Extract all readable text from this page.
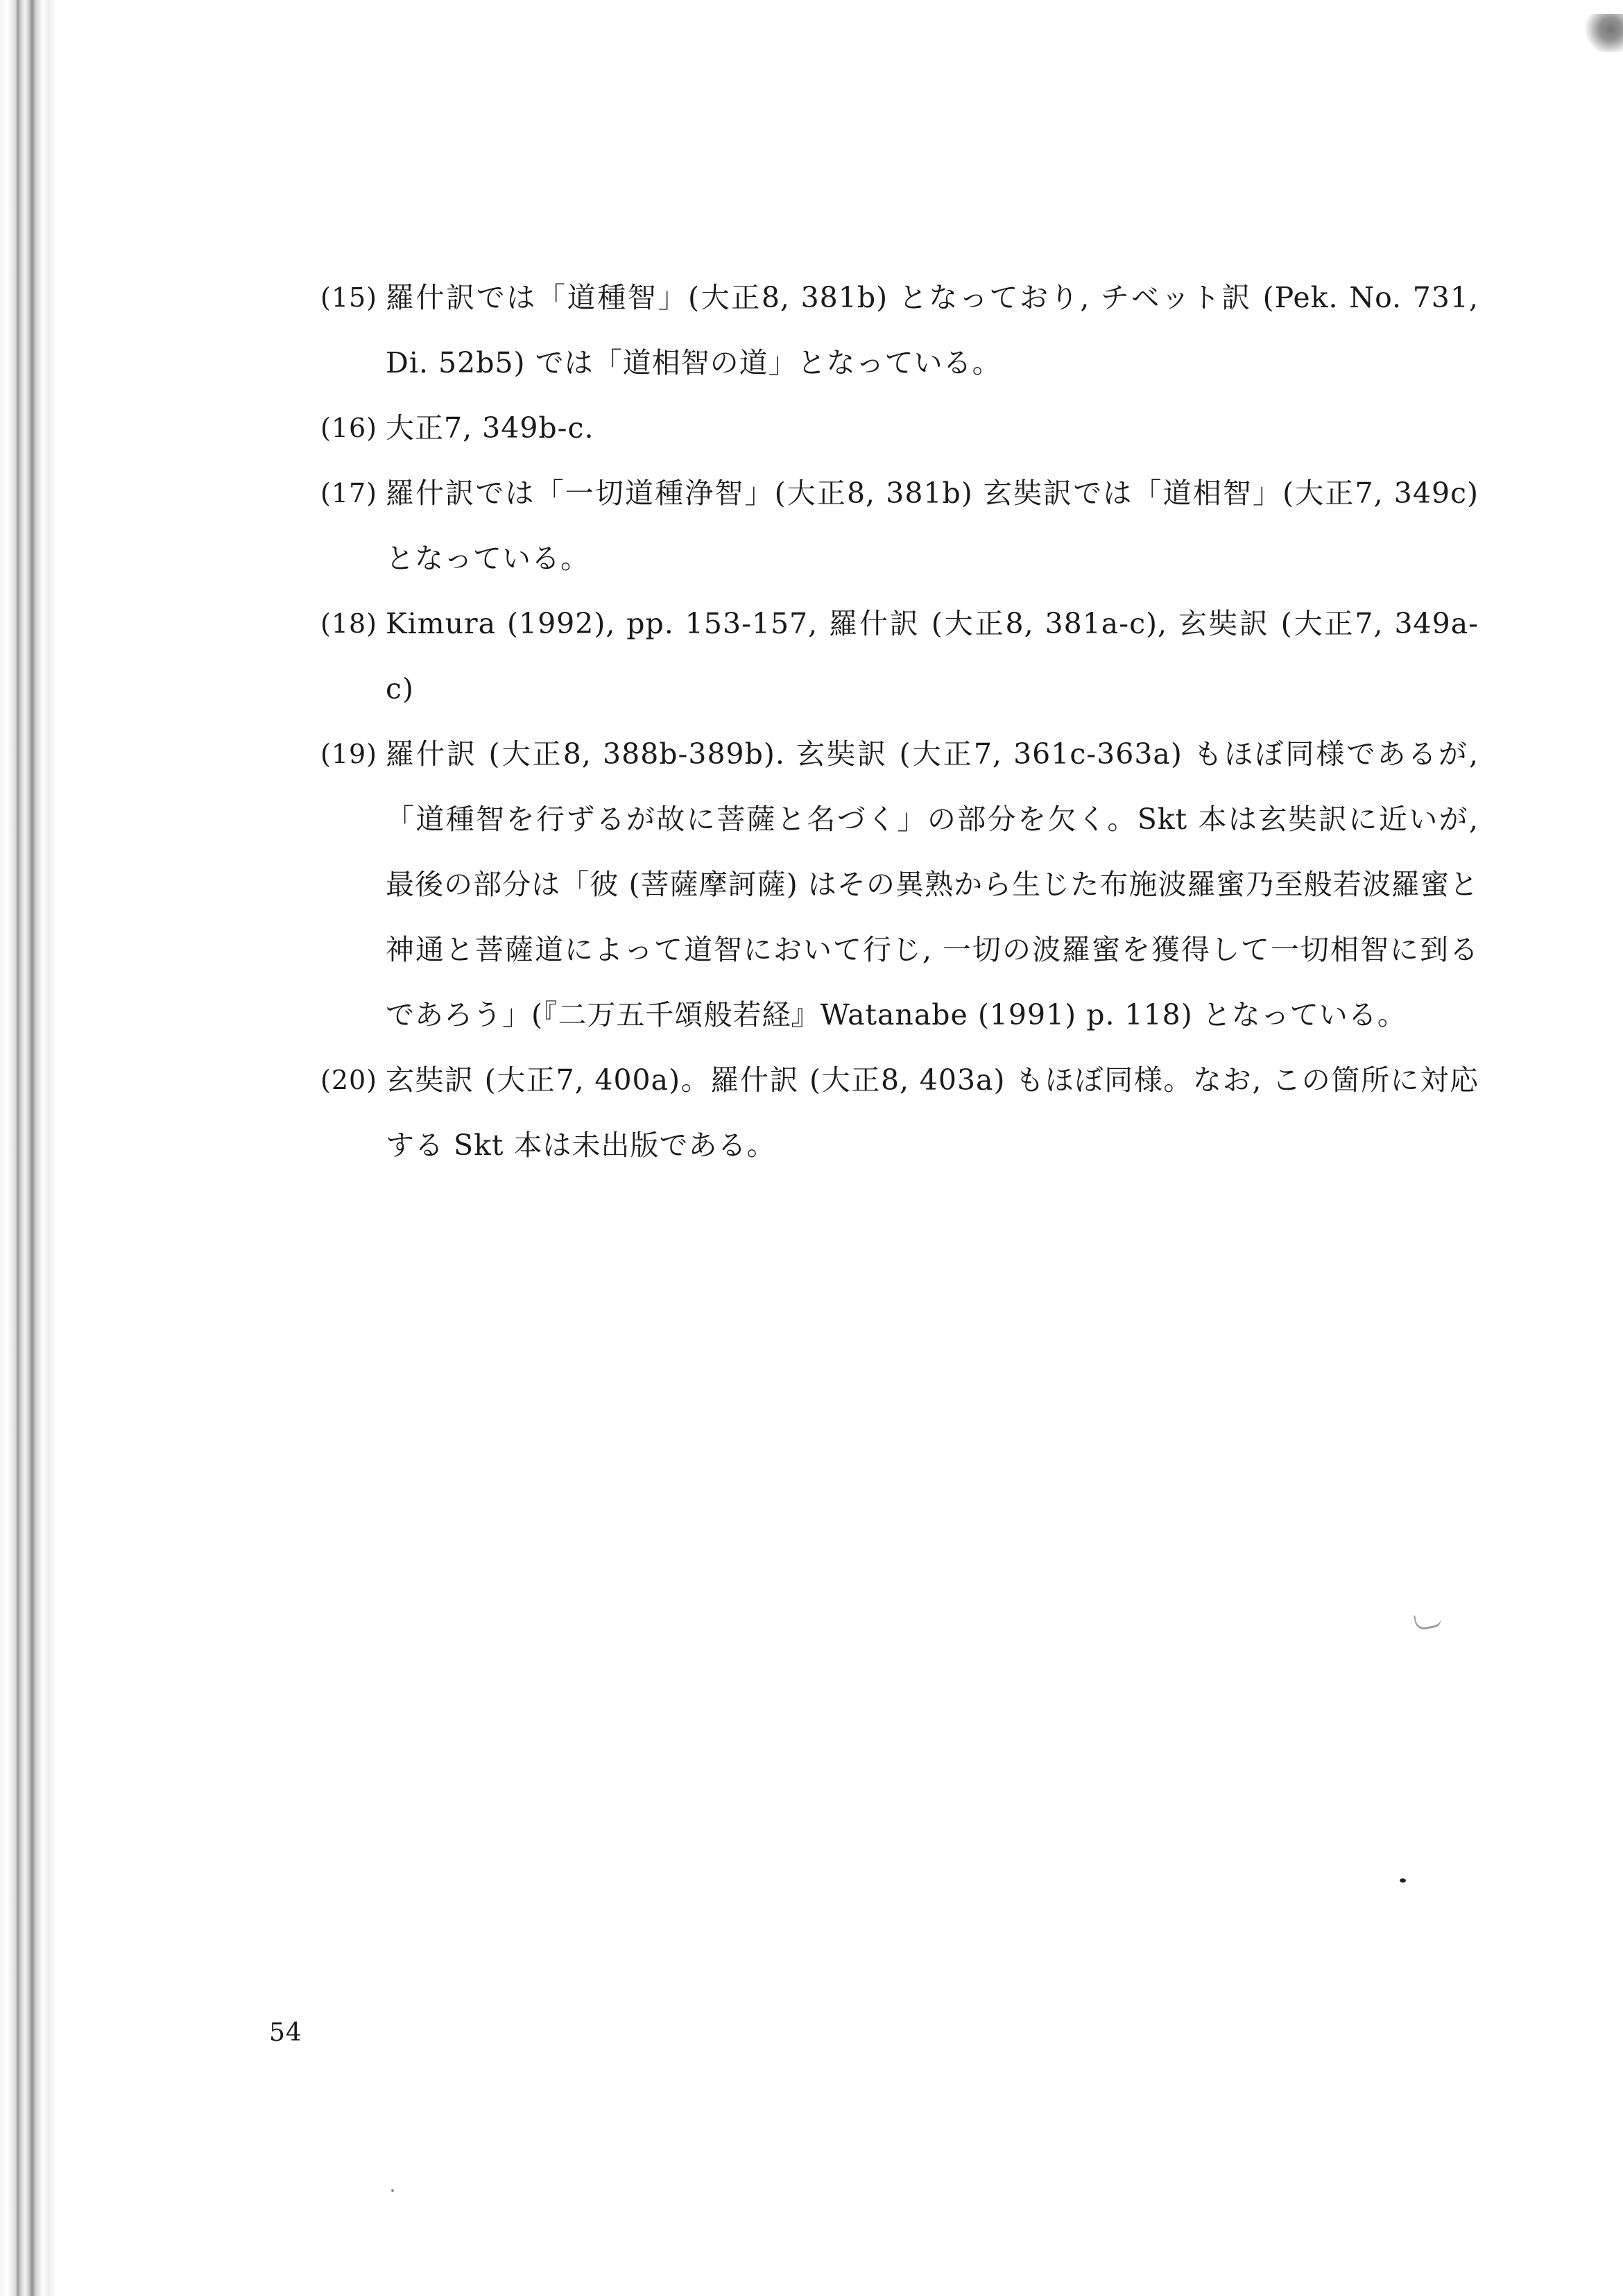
(15) 羅什訳では「道種智」(大正8, 381b) となっており, チベット訳 (Pek. No. 731, Di. 52b5) では「道相智の道」となっている。
(16) 大正7, 349b-c.
(17) 羅什訳では「一切道種浄智」(大正8, 381b) 玄奘訳では「道相智」(大正7, 349c) となっている。
(18) Kimura (1992), pp. 153-157, 羅什訳 (大正8, 381a-c), 玄奘訳 (大正7, 349a-c)
(19) 羅什訳 (大正8, 388b-389b). 玄奘訳 (大正7, 361c-363a) もほぼ同様であるが, 「道種智を行ずるが故に菩薩と名づく」の部分を欠く。Skt 本は玄奘訳に近いが, 最後の部分は「彼 (菩薩摩訶薩) はその異熟から生じた布施波羅蜜乃至般若波羅蜜と神通と菩薩道によって道智において行じ, 一切の波羅蜜を獲得して一切相智に到るであろう」(『二万五千頌般若経』Watanabe (1991) p. 118) となっている。
(20) 玄奘訳 (大正7, 400a)。羅什訳 (大正8, 403a) もほぼ同様。なお, この箇所に対応する Skt 本は未出版である。
54
